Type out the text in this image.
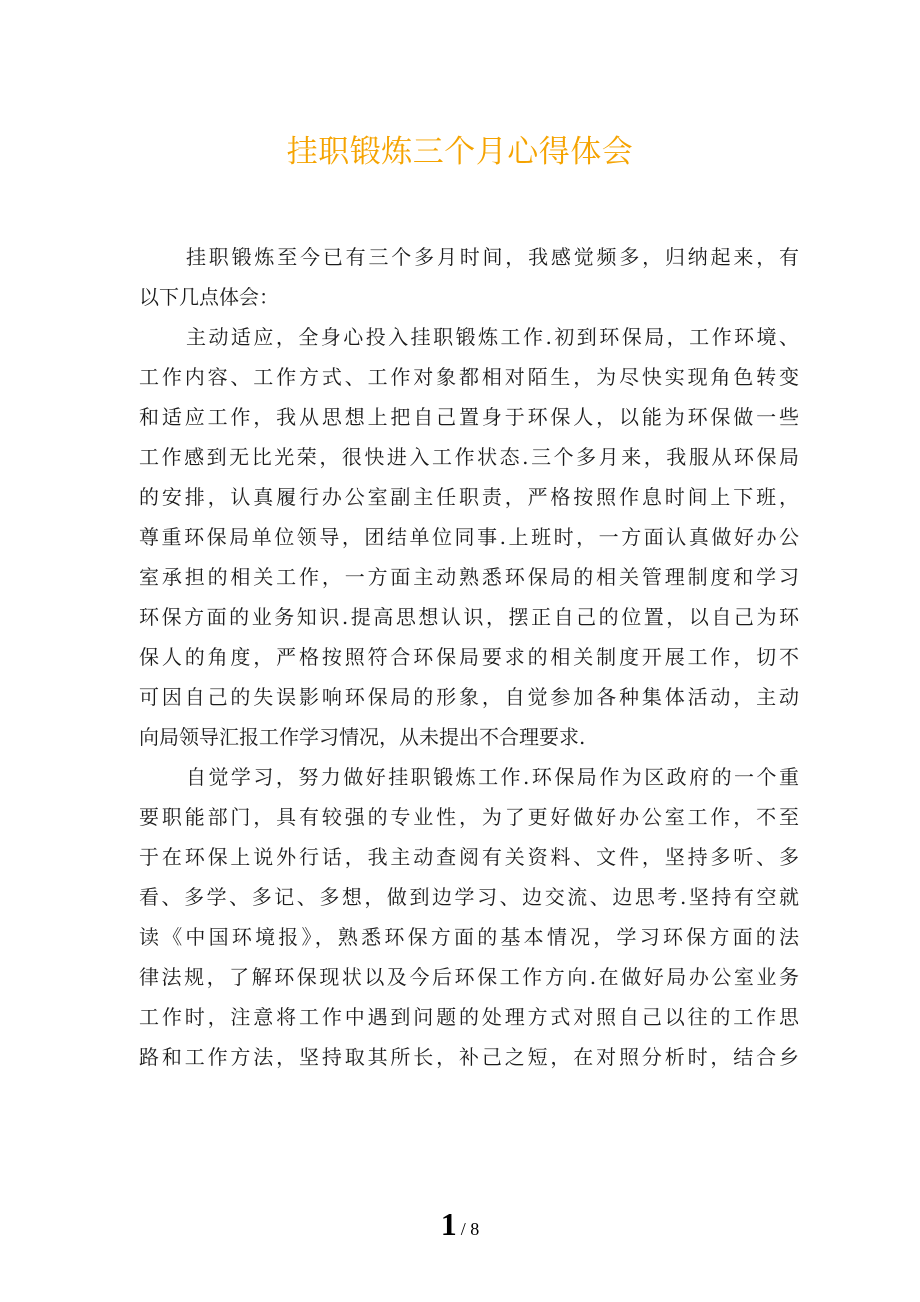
挂职锻炼三个月心得体会
挂职锻炼至今已有三个多月时间，我感觉频多，归纳起来，有
以下几点体会：
主动适应，全身心投入挂职锻炼工作.初到环保局，工作环境、
工作内容、工作方式、工作对象都相对陌生，为尽快实现角色转变
和适应工作，我从思想上把自己置身于环保人，以能为环保做一些
工作感到无比光荣，很快进入工作状态.三个多月来，我服从环保局
的安排，认真履行办公室副主任职责，严格按照作息时间上下班，
尊重环保局单位领导，团结单位同事.上班时，一方面认真做好办公
室承担的相关工作，一方面主动熟悉环保局的相关管理制度和学习
环保方面的业务知识.提高思想认识，摆正自己的位置，以自己为环
保人的角度，严格按照符合环保局要求的相关制度开展工作，切不
可因自己的失误影响环保局的形象，自觉参加各种集体活动，主动
向局领导汇报工作学习情况，从未提出不合理要求.
自觉学习，努力做好挂职锻炼工作.环保局作为区政府的一个重
要职能部门，具有较强的专业性，为了更好做好办公室工作，不至
于在环保上说外行话，我主动查阅有关资料、文件，坚持多听、多
看、多学、多记、多想，做到边学习、边交流、边思考.坚持有空就
读《中国环境报》，熟悉环保方面的基本情况，学习环保方面的法
律法规，了解环保现状以及今后环保工作方向.在做好局办公室业务
工作时，注意将工作中遇到问题的处理方式对照自己以往的工作思
路和工作方法，坚持取其所长，补己之短，在对照分析时，结合乡
1 / 8
